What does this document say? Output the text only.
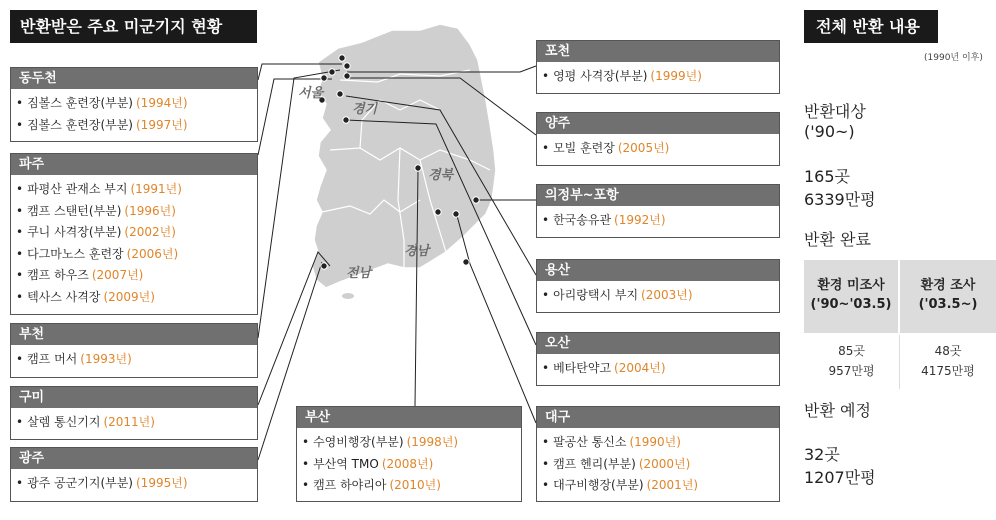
반환받은 주요 미군기지 현황
서울
경기
경북
경남
전남
동두천
• 짐볼스 훈련장(부분) (1994년)
• 짐볼스 훈련장(부분) (1997년)
파주
• 파평산 관재소 부지 (1991년)
• 캠프 스탠턴(부분) (1996년)
• 쿠니 사격장(부분) (2002년)
• 다그마노스 훈련장 (2006년)
• 캠프 하우즈 (2007년)
• 텍사스 사격장 (2009년)
부천
• 캠프 머서 (1993년)
구미
• 살렘 통신기지 (2011년)
광주
• 광주 공군기지(부분) (1995년)
부산
• 수영비행장(부분) (1998년)
• 부산역 TMO (2008년)
• 캠프 하야리아 (2010년)
포천
• 영평 사격장(부분) (1999년)
양주
• 모빌 훈련장 (2005년)
의정부~포항
• 한국송유관 (1992년)
용산
• 아리랑택시 부지 (2003년)
오산
• 베타탄약고 (2004년)
대구
• 팔공산 통신소 (1990년)
• 캠프 헨리(부분) (2000년)
• 대구비행장(부분) (2001년)
전체 반환 내용
(1990년 이후)
반환대상
('90~)
165곳
6339만평
반환 완료
환경 미조사
('90~'03.5)
환경 조사
('03.5~)
85곳
957만평
48곳
4175만평
반환 예정
32곳
1207만평
